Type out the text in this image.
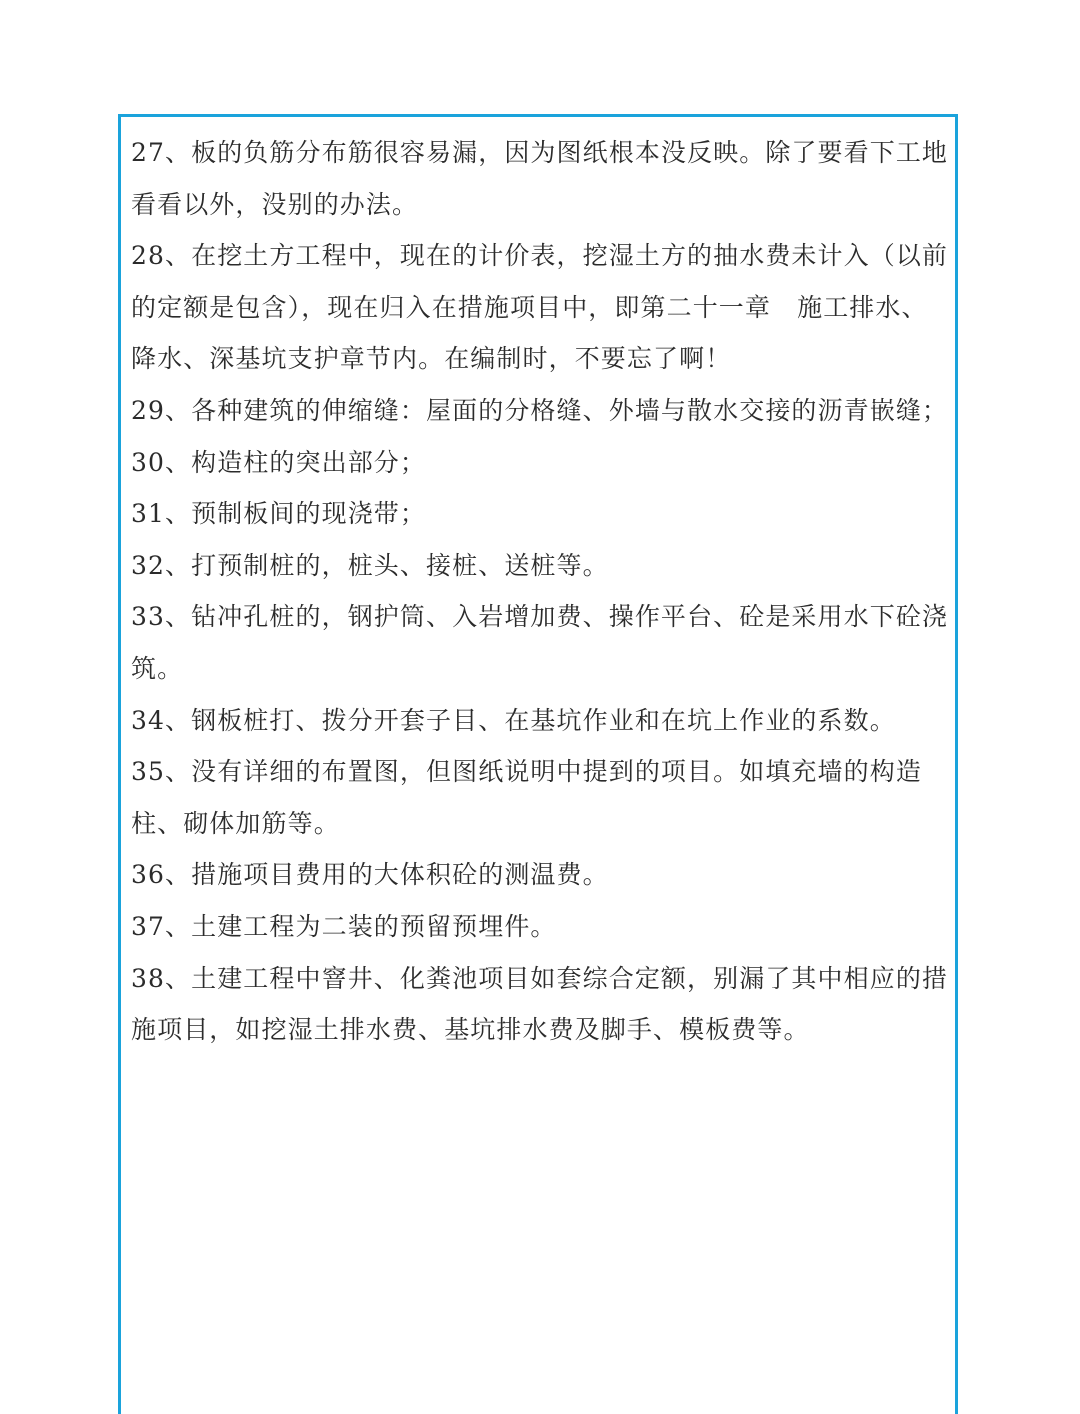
27、板的负筋分布筋很容易漏，因为图纸根本没反映。除了要看下工地看看以外，没别的办法。

28、在挖土方工程中，现在的计价表，挖湿土方的抽水费未计入（以前的定额是包含），现在归入在措施项目中，即第二十一章　施工排水、降水、深基坑支护章节内。在编制时，不要忘了啊！

29、各种建筑的伸缩缝：屋面的分格缝、外墙与散水交接的沥青嵌缝；

30、构造柱的突出部分；

31、预制板间的现浇带；

32、打预制桩的，桩头、接桩、送桩等。

33、钻冲孔桩的，钢护筒、入岩增加费、操作平台、砼是采用水下砼浇筑。

34、钢板桩打、拨分开套子目、在基坑作业和在坑上作业的系数。

35、没有详细的布置图，但图纸说明中提到的项目。如填充墙的构造柱、砌体加筋等。

36、措施项目费用的大体积砼的测温费。

37、土建工程为二装的预留预埋件。

38、土建工程中窨井、化粪池项目如套综合定额，别漏了其中相应的措施项目，如挖湿土排水费、基坑排水费及脚手、模板费等。
